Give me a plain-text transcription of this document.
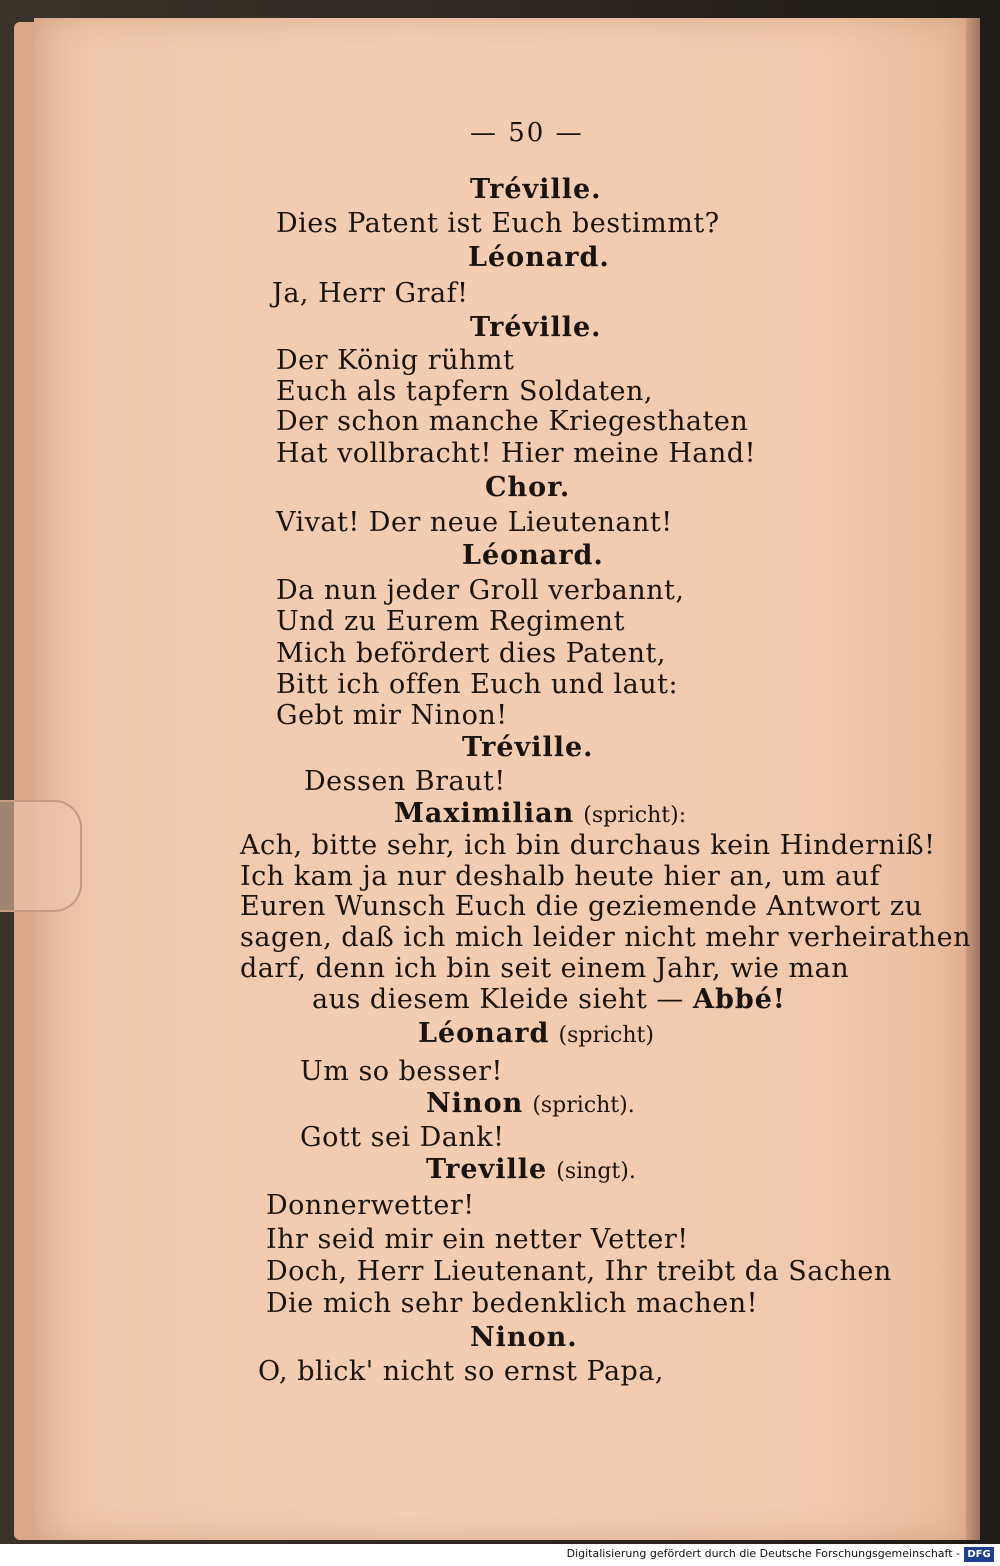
— 50 —
Tréville.
Dies Patent ist Euch bestimmt?
Léonard.
Ja, Herr Graf!
Tréville.
Der König rühmt
Euch als tapfern Soldaten,
Der schon manche Kriegesthaten
Hat vollbracht! Hier meine Hand!
Chor.
Vivat! Der neue Lieutenant!
Léonard.
Da nun jeder Groll verbannt,
Und zu Eurem Regiment
Mich befördert dies Patent,
Bitt ich offen Euch und laut:
Gebt mir Ninon!
Tréville.
Dessen Braut!
Maximilian (spricht):
Ach, bitte sehr, ich bin durchaus kein Hinderniß!
Ich kam ja nur deshalb heute hier an, um auf
Euren Wunsch Euch die geziemende Antwort zu
sagen, daß ich mich leider nicht mehr verheirathen
darf, denn ich bin seit einem Jahr, wie man
aus diesem Kleide sieht — Abbé!
Léonard (spricht)
Um so besser!
Ninon (spricht).
Gott sei Dank!
Treville (singt).
Donnerwetter!
Ihr seid mir ein netter Vetter!
Doch, Herr Lieutenant, Ihr treibt da Sachen
Die mich sehr bedenklich machen!
Ninon.
O, blick' nicht so ernst Papa,
Digitalisierung gefördert durch die Deutsche Forschungsgemeinschaft - DFG
